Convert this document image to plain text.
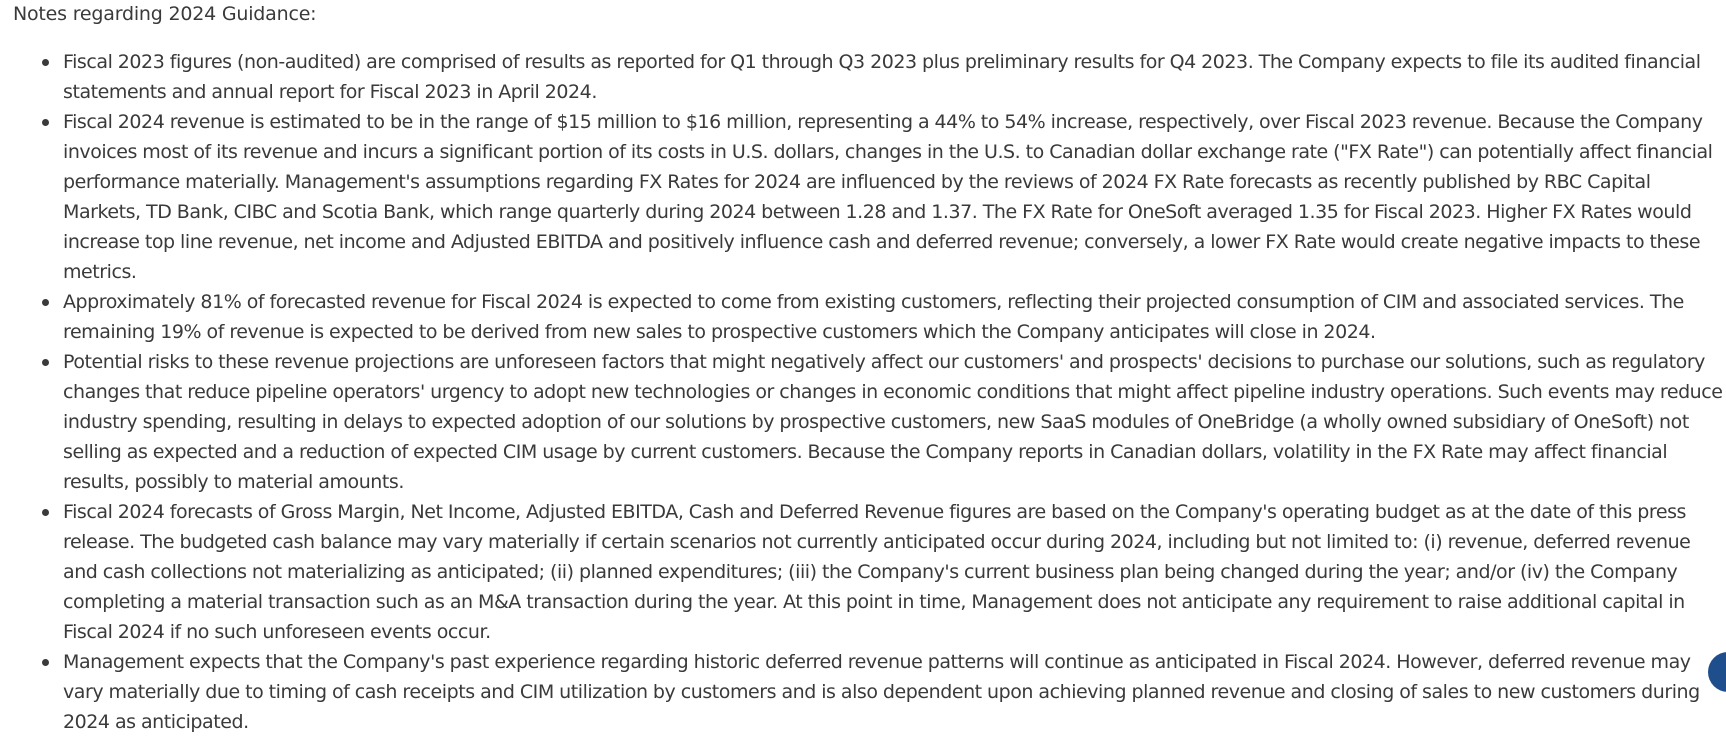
Notes regarding 2024 Guidance:

Fiscal 2023 figures (non-audited) are comprised of results as reported for Q1 through Q3 2023 plus preliminary results for Q4 2023. The Company expects to file its audited financial statements and annual report for Fiscal 2023 in April 2024.
Fiscal 2024 revenue is estimated to be in the range of $15 million to $16 million, representing a 44% to 54% increase, respectively, over Fiscal 2023 revenue. Because the Company invoices most of its revenue and incurs a significant portion of its costs in U.S. dollars, changes in the U.S. to Canadian dollar exchange rate ("FX Rate") can potentially affect financial performance materially. Management's assumptions regarding FX Rates for 2024 are influenced by the reviews of 2024 FX Rate forecasts as recently published by RBC Capital Markets, TD Bank, CIBC and Scotia Bank, which range quarterly during 2024 between 1.28 and 1.37. The FX Rate for OneSoft averaged 1.35 for Fiscal 2023. Higher FX Rates would increase top line revenue, net income and Adjusted EBITDA and positively influence cash and deferred revenue; conversely, a lower FX Rate would create negative impacts to these metrics.
Approximately 81% of forecasted revenue for Fiscal 2024 is expected to come from existing customers, reflecting their projected consumption of CIM and associated services. The remaining 19% of revenue is expected to be derived from new sales to prospective customers which the Company anticipates will close in 2024.
Potential risks to these revenue projections are unforeseen factors that might negatively affect our customers' and prospects' decisions to purchase our solutions, such as regulatory changes that reduce pipeline operators' urgency to adopt new technologies or changes in economic conditions that might affect pipeline industry operations. Such events may reduce industry spending, resulting in delays to expected adoption of our solutions by prospective customers, new SaaS modules of OneBridge (a wholly owned subsidiary of OneSoft) not selling as expected and a reduction of expected CIM usage by current customers. Because the Company reports in Canadian dollars, volatility in the FX Rate may affect financial results, possibly to material amounts.
Fiscal 2024 forecasts of Gross Margin, Net Income, Adjusted EBITDA, Cash and Deferred Revenue figures are based on the Company's operating budget as at the date of this press release. The budgeted cash balance may vary materially if certain scenarios not currently anticipated occur during 2024, including but not limited to: (i) revenue, deferred revenue and cash collections not materializing as anticipated; (ii) planned expenditures; (iii) the Company's current business plan being changed during the year; and/or (iv) the Company completing a material transaction such as an M&A transaction during the year. At this point in time, Management does not anticipate any requirement to raise additional capital in Fiscal 2024 if no such unforeseen events occur.
Management expects that the Company's past experience regarding historic deferred revenue patterns will continue as anticipated in Fiscal 2024. However, deferred revenue may vary materially due to timing of cash receipts and CIM utilization by customers and is also dependent upon achieving planned revenue and closing of sales to new customers during 2024 as anticipated.
